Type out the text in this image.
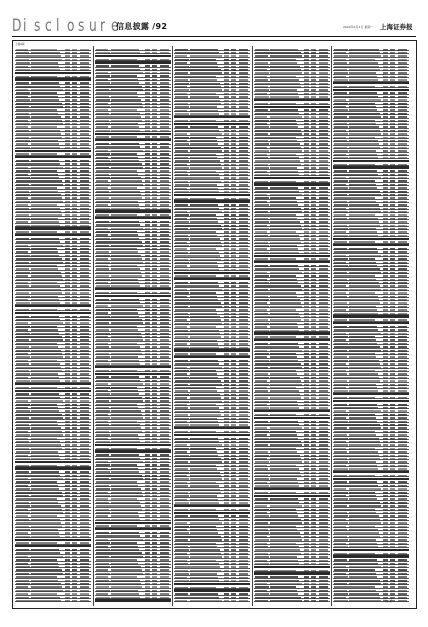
D i s c l o s u r e
信息披露 /92	2024年4月1日 星期一 上海证券报
上接A版
（下转A版）
